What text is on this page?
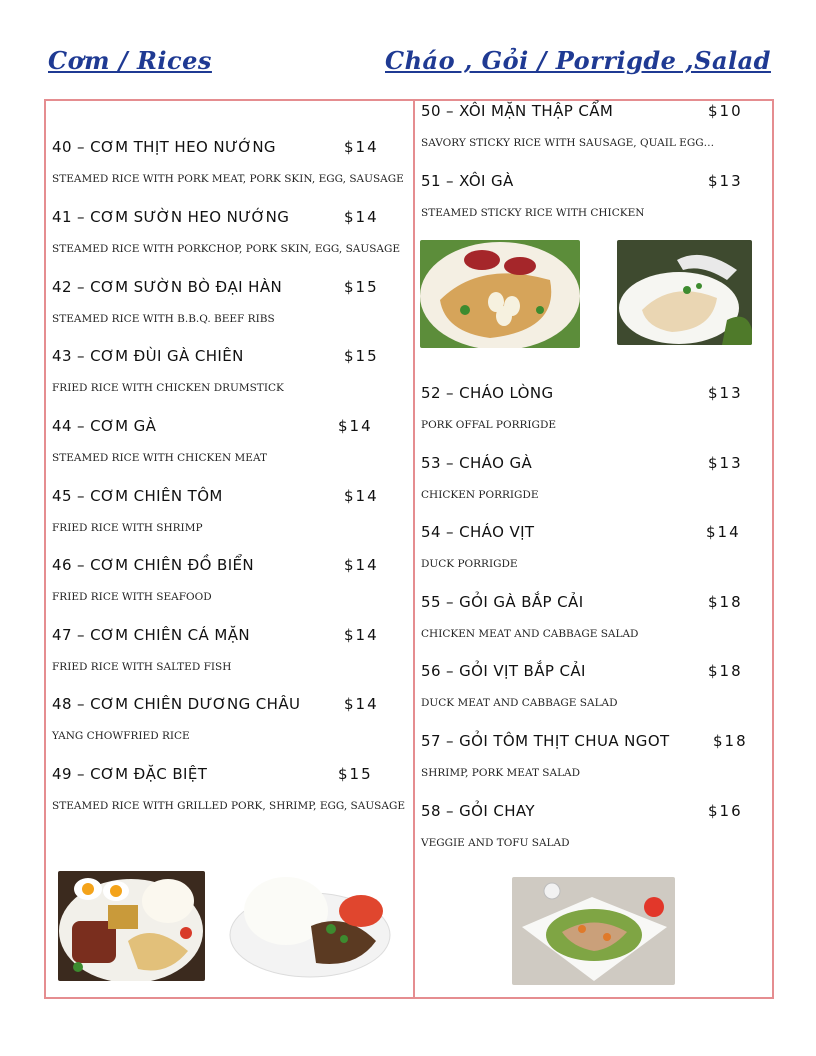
Cơm / Rices	Cháo , Gỏi / Porrigde ,Salad
40 – CƠM THỊT HEO NƯỚNG	$14
STEAMED RICE WITH PORK MEAT, PORK SKIN, EGG, SAUSAGE
41 – CƠM SƯỜN HEO NƯỚNG	$14
STEAMED RICE WITH PORKCHOP, PORK SKIN, EGG, SAUSAGE
42 – CƠM SƯỜN BÒ ĐẠI HÀN	$15
STEAMED RICE WITH B.B.Q. BEEF RIBS
43 – CƠM ĐÙI GÀ CHIÊN	$15
FRIED RICE WITH CHICKEN DRUMSTICK
44 – CƠM GÀ	$14
STEAMED RICE WITH CHICKEN MEAT
45 – CƠM CHIÊN TÔM	$14
FRIED RICE WITH SHRIMP
46 – CƠM CHIÊN ĐỒ BIỂN	$14
FRIED RICE WITH SEAFOOD
47 – CƠM CHIÊN CÁ MẶN	$14
FRIED RICE WITH SALTED FISH
48 – CƠM CHIÊN DƯƠNG CHÂU	$14
YANG CHOWFRIED RICE
49 – CƠM ĐẶC BIỆT	$15
STEAMED RICE WITH GRILLED PORK, SHRIMP, EGG, SAUSAGE
50 – XÔI MẶN THẬP CẨM	$10
SAVORY STICKY RICE WITH SAUSAGE, QUAIL EGG…
51 – XÔI GÀ	$13
STEAMED STICKY RICE WITH CHICKEN
52 – CHÁO LÒNG	$13
PORK OFFAL PORRIGDE
53 – CHÁO GÀ	$13
CHICKEN PORRIGDE
54 – CHÁO VỊT	$14
DUCK PORRIGDE
55 – GỎI GÀ BẮP CẢI	$18
CHICKEN MEAT AND CABBAGE SALAD
56 – GỎI VỊT BẮP CẢI	$18
DUCK MEAT AND CABBAGE SALAD
57 – GỎI TÔM THỊT CHUA NGOT	$18
SHRIMP, PORK MEAT SALAD
58 – GỎI CHAY	$16
VEGGIE AND TOFU SALAD
